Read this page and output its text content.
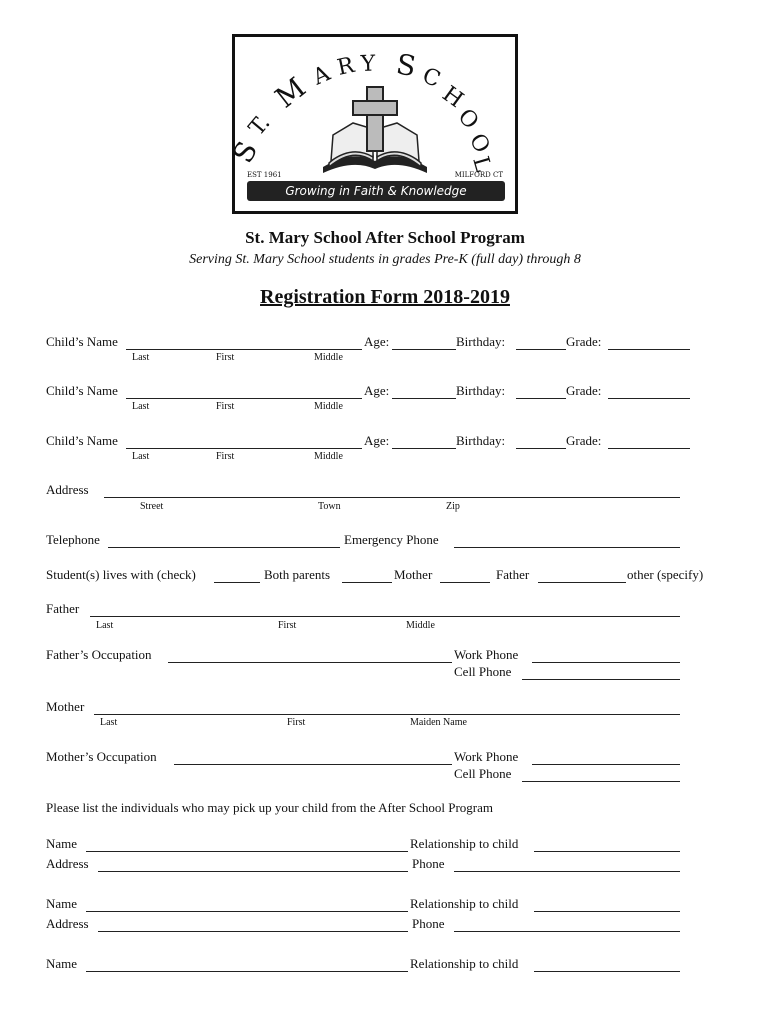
S
T.
M
A R Y S C
H
O
O
L
EST 1961	MILFORD CT
Growing in Faith & Knowledge
St. Mary School After School Program
Serving St. Mary School students in grades Pre-K (full day) through 8
Registration Form 2018-2019
Child’s Name	Age:	Birthday:	Grade:
Last	First	Middle
Child’s Name	Age:	Birthday:	Grade:
Last	First	Middle
Child’s Name	Age:	Birthday:	Grade:
Last	First	Middle
Address
Street	Town	Zip
Telephone	Emergency Phone
Student(s) lives with (check)	Both parents	Mother	Father	other (specify)
Father
Last	First	Middle
Father’s Occupation	Work Phone
Cell Phone
Mother
Last	First	Maiden Name
Mother’s Occupation	Work Phone
Cell Phone
Please list the individuals who may pick up your child from the After School Program
Name	Relationship to child
Address	Phone
Name	Relationship to child
Address	Phone
Name	Relationship to child
